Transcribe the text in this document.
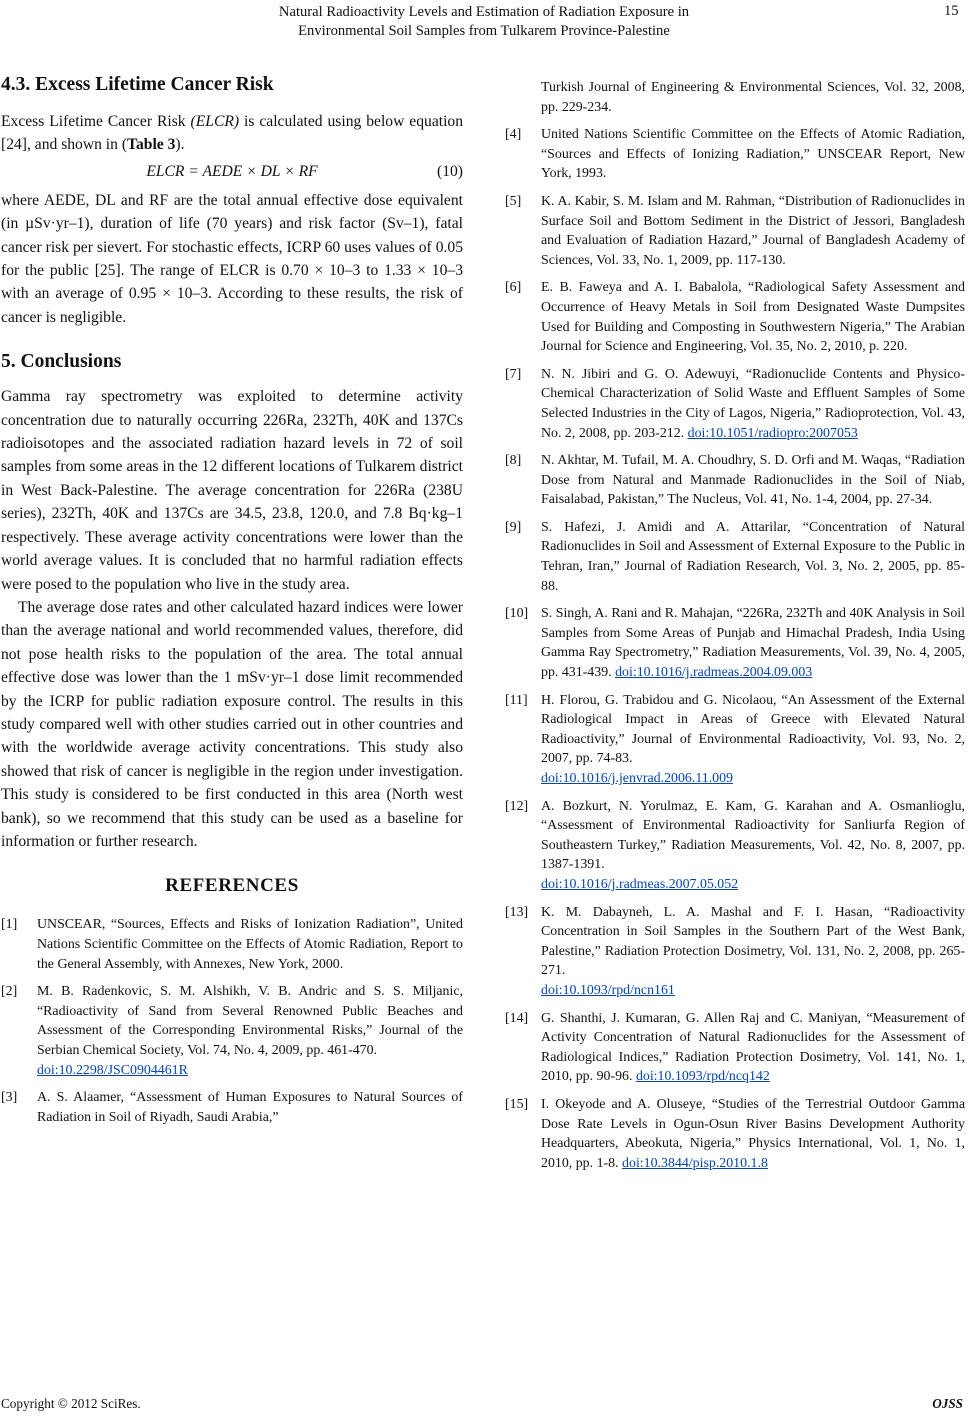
Natural Radioactivity Levels and Estimation of Radiation Exposure in
Environmental Soil Samples from Tulkarem Province-Palestine
15
4.3. Excess Lifetime Cancer Risk

Excess Lifetime Cancer Risk (ELCR) is calculated using below equation [24], and shown in (Table 3).

ELCR = AEDE × DL × RF	(10)

where AEDE, DL and RF are the total annual effective dose equivalent (in µSv·yr–1), duration of life (70 years) and risk factor (Sv–1), fatal cancer risk per sievert. For stochastic effects, ICRP 60 uses values of 0.05 for the public [25]. The range of ELCR is 0.70 × 10–3 to 1.33 × 10–3 with an average of 0.95 × 10–3. According to these results, the risk of cancer is negligible.

5. Conclusions

Gamma ray spectrometry was exploited to determine activity concentration due to naturally occurring 226Ra, 232Th, 40K and 137Cs radioisotopes and the associated radiation hazard levels in 72 of soil samples from some areas in the 12 different locations of Tulkarem district in West Back-Palestine. The average concentration for 226Ra (238U series), 232Th, 40K and 137Cs are 34.5, 23.8, 120.0, and 7.8 Bq·kg–1 respectively. These average activity concentrations were lower than the world average values. It is concluded that no harmful radiation effects were posed to the population who live in the study area.

The average dose rates and other calculated hazard indices were lower than the average national and world recommended values, therefore, did not pose health risks to the population of the area. The total annual effective dose was lower than the 1 mSv·yr–1 dose limit recommended by the ICRP for public radiation exposure control. The results in this study compared well with other studies carried out in other countries and with the worldwide average activity concentrations. This study also showed that risk of cancer is negligible in the region under investigation. This study is considered to be first conducted in this area (North west bank), so we recommend that this study can be used as a baseline for information or further research.

REFERENCES
[1]	UNSCEAR, “Sources, Effects and Risks of Ionization Radiation”, United Nations Scientific Committee on the Effects of Atomic Radiation, Report to the General Assembly, with Annexes, New York, 2000.
[2]	M. B. Radenkovic, S. M. Alshikh, V. B. Andric and S. S. Miljanic, “Radioactivity of Sand from Several Renowned Public Beaches and Assessment of the Corresponding Environmental Risks,” Journal of the Serbian Chemical Society, Vol. 74, No. 4, 2009, pp. 461-470.
doi:10.2298/JSC0904461R
[3]	A. S. Alaamer, “Assessment of Human Exposures to Natural Sources of Radiation in Soil of Riyadh, Saudi Arabia,”
Turkish Journal of Engineering & Environmental Sciences, Vol. 32, 2008, pp. 229-234.
[4]	United Nations Scientific Committee on the Effects of Atomic Radiation, “Sources and Effects of Ionizing Radiation,” UNSCEAR Report, New York, 1993.
[5]	K. A. Kabir, S. M. Islam and M. Rahman, “Distribution of Radionuclides in Surface Soil and Bottom Sediment in the District of Jessori, Bangladesh and Evaluation of Radiation Hazard,” Journal of Bangladesh Academy of Sciences, Vol. 33, No. 1, 2009, pp. 117-130.
[6]	E. B. Faweya and A. I. Babalola, “Radiological Safety Assessment and Occurrence of Heavy Metals in Soil from Designated Waste Dumpsites Used for Building and Composting in Southwestern Nigeria,” The Arabian Journal for Science and Engineering, Vol. 35, No. 2, 2010, p. 220.
[7]	N. N. Jibiri and G. O. Adewuyi, “Radionuclide Contents and Physico-Chemical Characterization of Solid Waste and Effluent Samples of Some Selected Industries in the City of Lagos, Nigeria,” Radioprotection, Vol. 43, No. 2, 2008, pp. 203-212. doi:10.1051/radiopro:2007053
[8]	N. Akhtar, M. Tufail, M. A. Choudhry, S. D. Orfi and M. Waqas, “Radiation Dose from Natural and Manmade Radionuclides in the Soil of Niab, Faisalabad, Pakistan,” The Nucleus, Vol. 41, No. 1-4, 2004, pp. 27-34.
[9]	S. Hafezi, J. Amidi and A. Attarilar, “Concentration of Natural Radionuclides in Soil and Assessment of External Exposure to the Public in Tehran, Iran,” Journal of Radiation Research, Vol. 3, No. 2, 2005, pp. 85-88.
[10] S. Singh, A. Rani and R. Mahajan, “226Ra, 232Th and 40K Analysis in Soil Samples from Some Areas of Punjab and Himachal Pradesh, India Using Gamma Ray Spectrometry,” Radiation Measurements, Vol. 39, No. 4, 2005, pp. 431-439. doi:10.1016/j.radmeas.2004.09.003
[11] H. Florou, G. Trabidou and G. Nicolaou, “An Assessment of the External Radiological Impact in Areas of Greece with Elevated Natural Radioactivity,” Journal of Environmental Radioactivity, Vol. 93, No. 2, 2007, pp. 74-83.
doi:10.1016/j.jenvrad.2006.11.009
[12] A. Bozkurt, N. Yorulmaz, E. Kam, G. Karahan and A. Osmanlioglu, “Assessment of Environmental Radioactivity for Sanliurfa Region of Southeastern Turkey,” Radiation Measurements, Vol. 42, No. 8, 2007, pp. 1387-1391.
doi:10.1016/j.radmeas.2007.05.052
[13] K. M. Dabayneh, L. A. Mashal and F. I. Hasan, “Radioactivity Concentration in Soil Samples in the Southern Part of the West Bank, Palestine,” Radiation Protection Dosimetry, Vol. 131, No. 2, 2008, pp. 265-271.
doi:10.1093/rpd/ncn161
[14] G. Shanthi, J. Kumaran, G. Allen Raj and C. Maniyan, “Measurement of Activity Concentration of Natural Radionuclides for the Assessment of Radiological Indices,” Radiation Protection Dosimetry, Vol. 141, No. 1, 2010, pp. 90-96. doi:10.1093/rpd/ncq142
[15] I. Okeyode and A. Oluseye, “Studies of the Terrestrial Outdoor Gamma Dose Rate Levels in Ogun-Osun River Basins Development Authority Headquarters, Abeokuta, Nigeria,” Physics International, Vol. 1, No. 1, 2010, pp. 1-8. doi:10.3844/pisp.2010.1.8
Copyright © 2012 SciRes.	OJSS
